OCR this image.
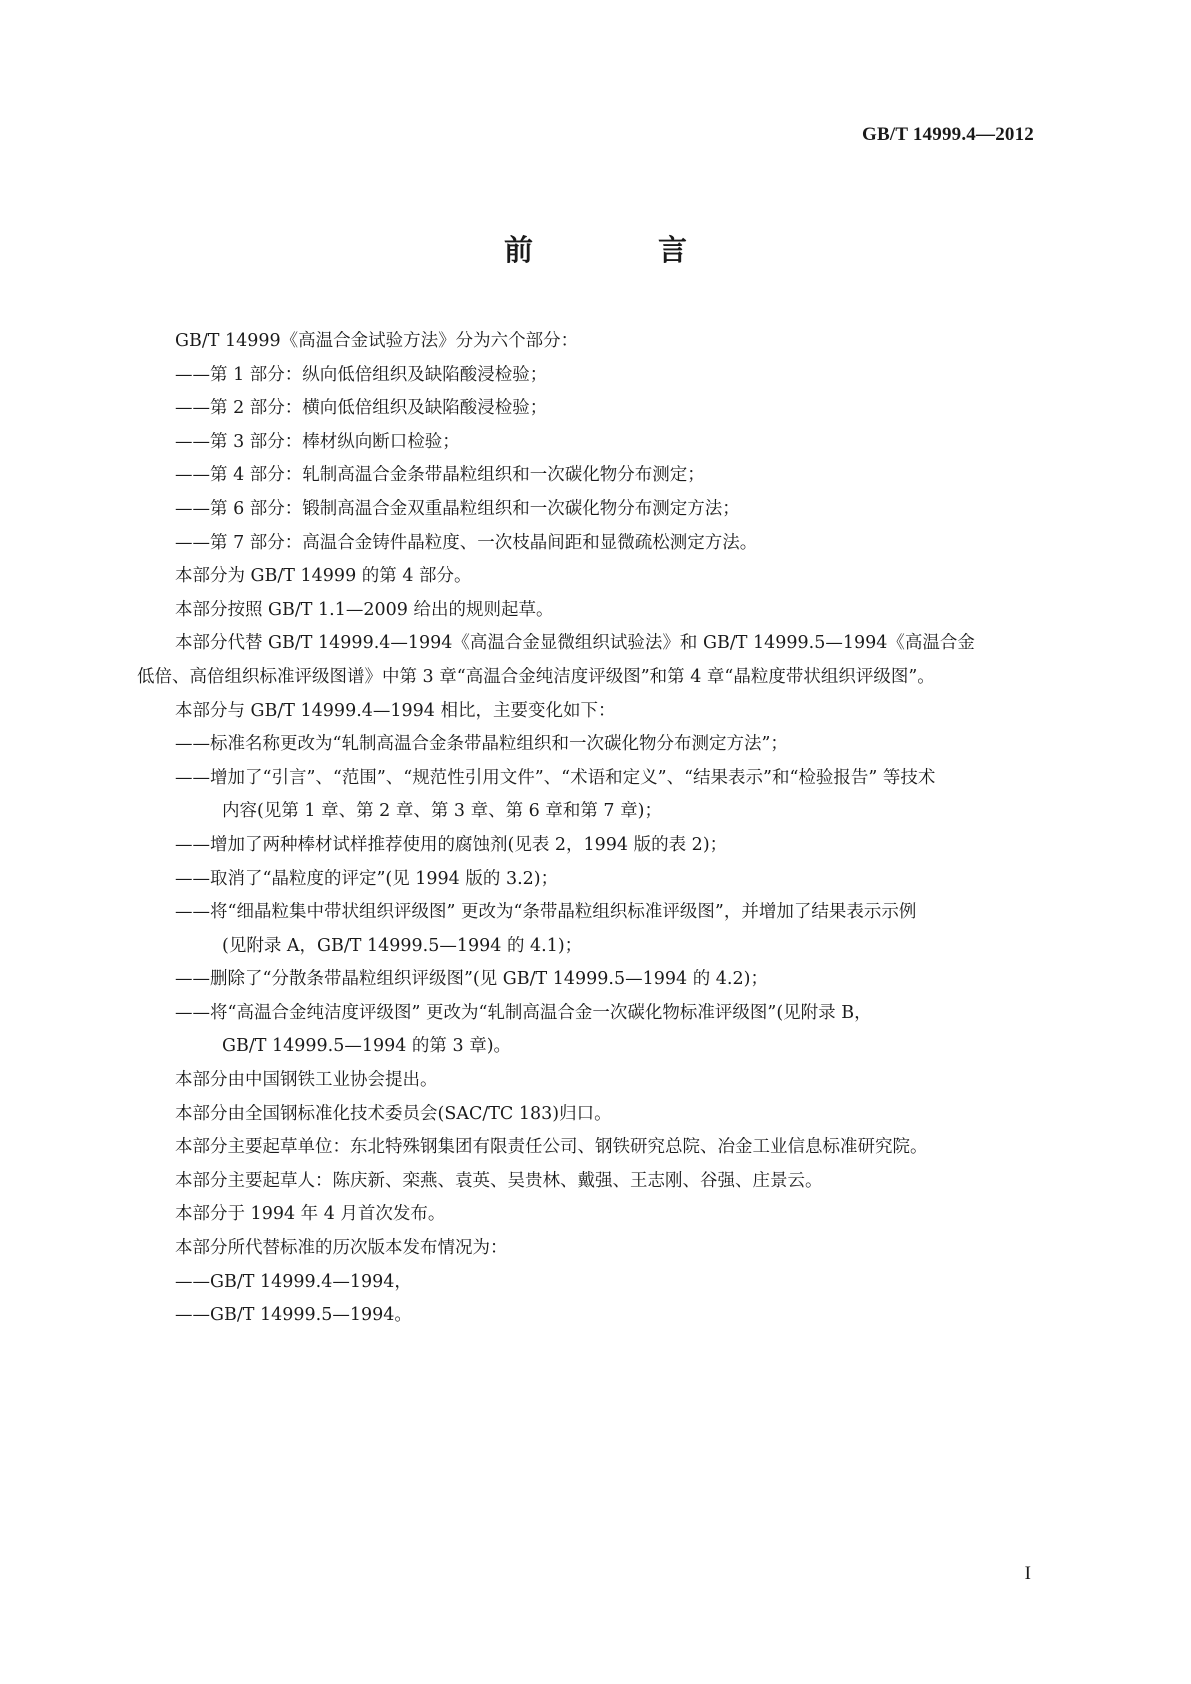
GB/T 14999.4—2012
前　言
GB/T 14999《高温合金试验方法》分为六个部分：
——第 1 部分：纵向低倍组织及缺陷酸浸检验；
——第 2 部分：横向低倍组织及缺陷酸浸检验；
——第 3 部分：棒材纵向断口检验；
——第 4 部分：轧制高温合金条带晶粒组织和一次碳化物分布测定；
——第 6 部分：锻制高温合金双重晶粒组织和一次碳化物分布测定方法；
——第 7 部分：高温合金铸件晶粒度、一次枝晶间距和显微疏松测定方法。
本部分为 GB/T 14999 的第 4 部分。
本部分按照 GB/T 1.1—2009 给出的规则起草。
本部分代替 GB/T 14999.4—1994《高温合金显微组织试验法》和 GB/T 14999.5—1994《高温合金
低倍、高倍组织标准评级图谱》中第 3 章“高温合金纯洁度评级图”和第 4 章“晶粒度带状组织评级图”。
本部分与 GB/T 14999.4—1994 相比，主要变化如下：
——标准名称更改为“轧制高温合金条带晶粒组织和一次碳化物分布测定方法”；
——增加了“引言”、“范围”、“规范性引用文件”、“术语和定义”、“结果表示”和“检验报告” 等技术
内容(见第 1 章、第 2 章、第 3 章、第 6 章和第 7 章)；
——增加了两种棒材试样推荐使用的腐蚀剂(见表 2，1994 版的表 2)；
——取消了“晶粒度的评定”(见 1994 版的 3.2)；
——将“细晶粒集中带状组织评级图” 更改为“条带晶粒组织标准评级图”，并增加了结果表示示例
(见附录 A，GB/T 14999.5—1994 的 4.1)；
——删除了“分散条带晶粒组织评级图”(见 GB/T 14999.5—1994 的 4.2)；
——将“高温合金纯洁度评级图” 更改为“轧制高温合金一次碳化物标准评级图”(见附录 B，
GB/T 14999.5—1994 的第 3 章)。
本部分由中国钢铁工业协会提出。
本部分由全国钢标准化技术委员会(SAC/TC 183)归口。
本部分主要起草单位：东北特殊钢集团有限责任公司、钢铁研究总院、冶金工业信息标准研究院。
本部分主要起草人：陈庆新、栾燕、袁英、吴贵林、戴强、王志刚、谷强、庄景云。
本部分于 1994 年 4 月首次发布。
本部分所代替标准的历次版本发布情况为：
——GB/T 14999.4—1994，
——GB/T 14999.5—1994。
I
